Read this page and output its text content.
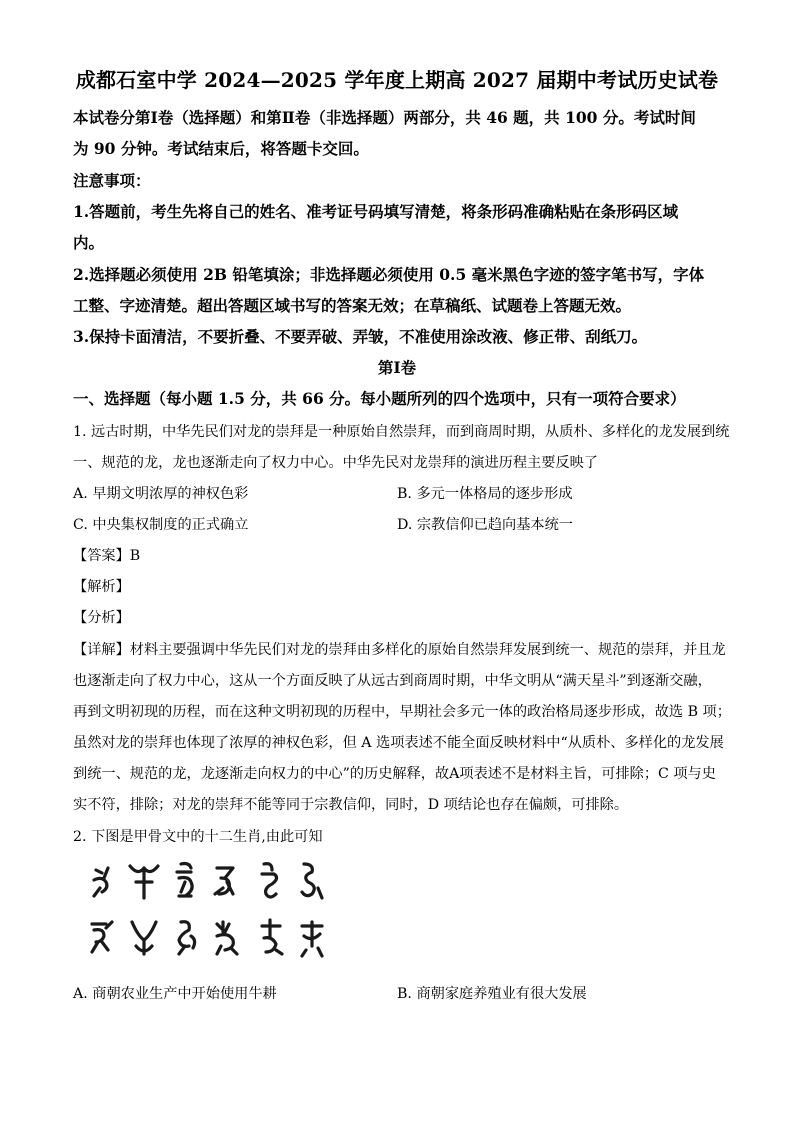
成都石室中学 2024—2025 学年度上期高 2027 届期中考试历史试卷
本试卷分第Ⅰ卷（选择题）和第Ⅱ卷（非选择题）两部分，共 46 题，共 100 分。考试时间
为 90 分钟。考试结束后，将答题卡交回。
注意事项：
1.答题前，考生先将自己的姓名、准考证号码填写清楚，将条形码准确粘贴在条形码区域
内。
2.选择题必须使用 2B 铅笔填涂；非选择题必须使用 0.5 毫米黑色字迹的签字笔书写，字体
工整、字迹清楚。超出答题区域书写的答案无效；在草稿纸、试题卷上答题无效。
3.保持卡面清洁，不要折叠、不要弄破、弄皱，不准使用涂改液、修正带、刮纸刀。
第Ⅰ卷
一、选择题（每小题 1.5 分，共 66 分。每小题所列的四个选项中，只有一项符合要求）
1. 远古时期，中华先民们对龙的崇拜是一种原始自然崇拜，而到商周时期，从质朴、多样化的龙发展到统
一、规范的龙，龙也逐渐走向了权力中心。中华先民对龙崇拜的演进历程主要反映了
A. 早期文明浓厚的神权色彩	B. 多元一体格局的逐步形成
C. 中央集权制度的正式确立	D. 宗教信仰已趋向基本统一
【答案】B
【解析】
【分析】
【详解】材料主要强调中华先民们对龙的崇拜由多样化的原始自然崇拜发展到统一、规范的崇拜，并且龙
也逐渐走向了权力中心，这从一个方面反映了从远古到商周时期，中华文明从“满天星斗”到逐渐交融，
再到文明初现的历程，而在这种文明初现的历程中，早期社会多元一体的政治格局逐步形成，故选 B 项；
虽然对龙的崇拜也体现了浓厚的神权色彩，但 A 选项表述不能全面反映材料中“从质朴、多样化的龙发展
到统一、规范的龙，龙逐渐走向权力的中心”的历史解释，故A项表述不是材料主旨，可排除；C 项与史
实不符，排除；对龙的崇拜不能等同于宗教信仰，同时，D 项结论也存在偏颇，可排除。
2. 下图是甲骨文中的十二生肖,由此可知
A. 商朝农业生产中开始使用牛耕	B. 商朝家庭养殖业有很大发展
